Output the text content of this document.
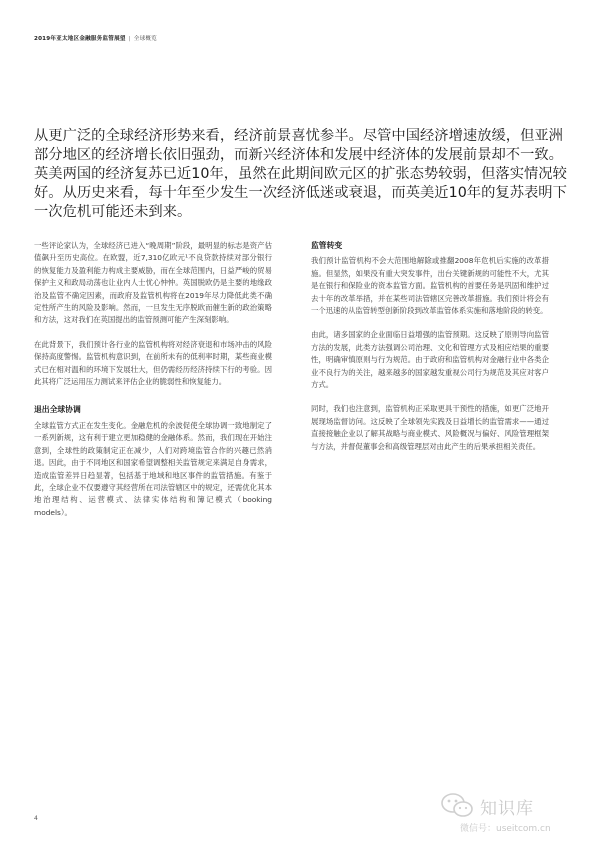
2019年亚太地区金融服务监管展望 | 全球概览

从更广泛的全球经济形势来看，经济前景喜忧参半。尽管中国经济增速放缓，但亚洲部分地区的经济增长依旧强劲，而新兴经济体和发展中经济体的发展前景却不一致。英美两国的经济复苏已近10年，虽然在此期间欧元区的扩张态势较弱，但落实情况较好。从历史来看，每十年至少发生一次经济低迷或衰退，而英美近10年的复苏表明下一次危机可能还未到来。

一些评论家认为，全球经济已进入“晚周期”阶段，最明显的标志是资产估值飙升至历史高位。在欧盟，近7,310亿欧元¹不良贷款持续对部分银行的恢复能力及盈利能力构成主要威胁，而在全球范围内，日益严峻的贸易保护主义和政局动荡也让业内人士忧心忡忡。英国脱欧仍是主要的地缘政治及监管不确定因素，而政府及监管机构将在2019年尽力降低此类不确定性所产生的风险及影响。然而，一旦发生无序脱欧而催生新的政治策略和方法，这对我们在英国提出的监管预测可能产生深刻影响。

在此背景下，我们预计各行业的监管机构将对经济衰退和市场冲击的风险保持高度警惕。监管机构意识到，在前所未有的低利率时期，某些商业模式已在相对温和的环境下发展壮大，但仍需经历经济持续下行的考验。因此其将广泛运用压力测试来评估企业的脆弱性和恢复能力。

退出全球协调

全球监管方式正在发生变化。金融危机的余波促使全球协调一致地制定了一系列新规，这有利于建立更加稳健的金融体系。然而，我们现在开始注意到，全球性的政策制定正在减少，人们对跨境监管合作的兴趣已然消退。因此，由于不同地区和国家希望调整相关监管规定来满足自身需求，造成监管差异日趋显著，包括基于地域和地区事件的监管措施。有鉴于此，全球企业不仅要遵守其经营所在司法管辖区中的规定，还需优化其本地治理结构、运营模式、法律实体结构和簿记模式（booking models）。

监管转变

我们预计监管机构不会大范围地解除或推翻2008年危机后实施的改革措施。但显然，如果没有重大突发事件，出台关键新规的可能性不大，尤其是在银行和保险业的资本监管方面。监管机构的首要任务是巩固和维护过去十年的改革举措，并在某些司法管辖区完善改革措施。我们预计将会有一个迅速的从监管转型创新阶段到改革监管体系实施和落地阶段的转变。

由此，诸多国家的企业面临日益增强的监管预期。这反映了原则导向监管方法的发展，此类方法强调公司治理、文化和管理方式及相应结果的重要性，明确审慎原则与行为规范。由于政府和监管机构对金融行业中各类企业不良行为的关注，越来越多的国家越发重视公司行为规范及其应对客户方式。

同时，我们也注意到，监管机构正采取更具干预性的措施，如更广泛地开展现场监督访问。这反映了全球领先实践及日益增长的监管需求——通过直接接触企业以了解其战略与商业模式、风险概况与偏好、风险管理框架与方法，并督促董事会和高级管理层对由此产生的后果承担相关责任。

4	知识库
微信号：useitcom.cn
